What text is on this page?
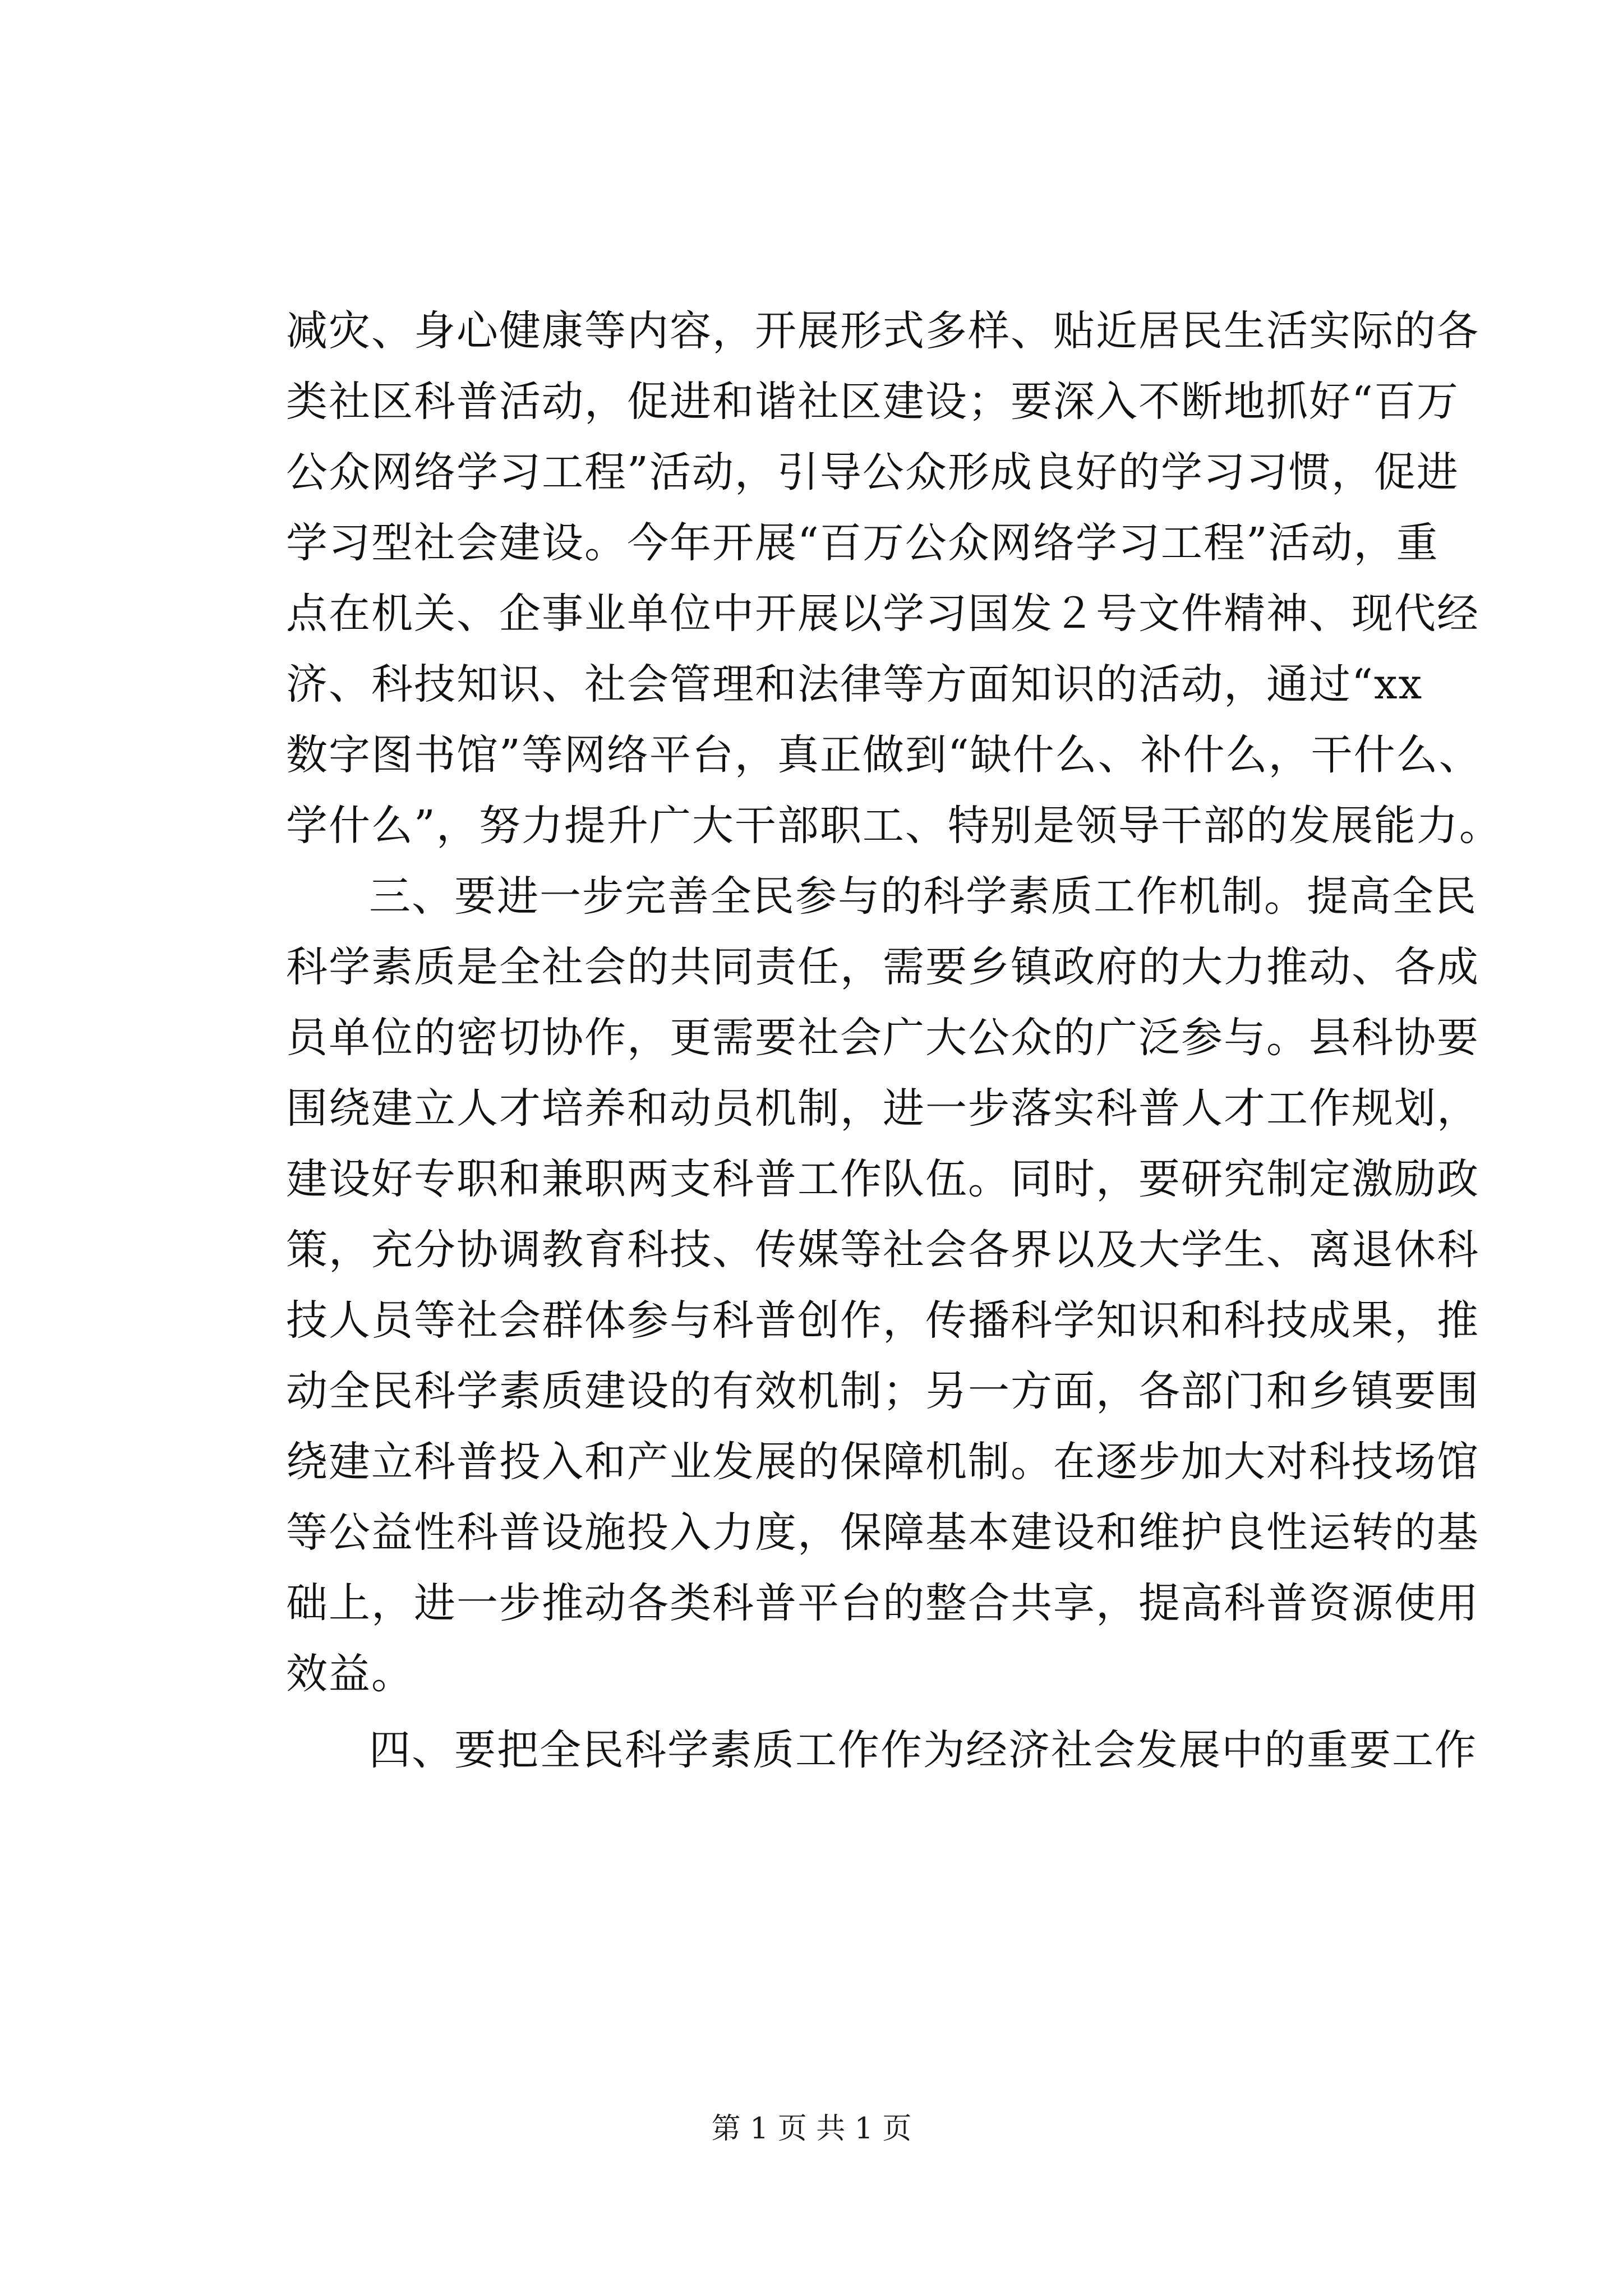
减灾、身心健康等内容，开展形式多样、贴近居民生活实际的各
类社区科普活动，促进和谐社区建设；要深入不断地抓好“百万
公众网络学习工程”活动，引导公众形成良好的学习习惯，促进
学习型社会建设。今年开展“百万公众网络学习工程”活动，重
点在机关、企事业单位中开展以学习国发２号文件精神、现代经
济、科技知识、社会管理和法律等方面知识的活动，通过“xx
数字图书馆”等网络平台，真正做到“缺什么、补什么，干什么、
学什么”，努力提升广大干部职工、特别是领导干部的发展能力。
三、要进一步完善全民参与的科学素质工作机制。提高全民
科学素质是全社会的共同责任，需要乡镇政府的大力推动、各成
员单位的密切协作，更需要社会广大公众的广泛参与。县科协要
围绕建立人才培养和动员机制，进一步落实科普人才工作规划，
建设好专职和兼职两支科普工作队伍。同时，要研究制定激励政
策，充分协调教育科技、传媒等社会各界以及大学生、离退休科
技人员等社会群体参与科普创作，传播科学知识和科技成果，推
动全民科学素质建设的有效机制；另一方面，各部门和乡镇要围
绕建立科普投入和产业发展的保障机制。在逐步加大对科技场馆
等公益性科普设施投入力度，保障基本建设和维护良性运转的基
础上，进一步推动各类科普平台的整合共享，提高科普资源使用
效益。
四、要把全民科学素质工作作为经济社会发展中的重要工作
第 1 页 共 1 页
